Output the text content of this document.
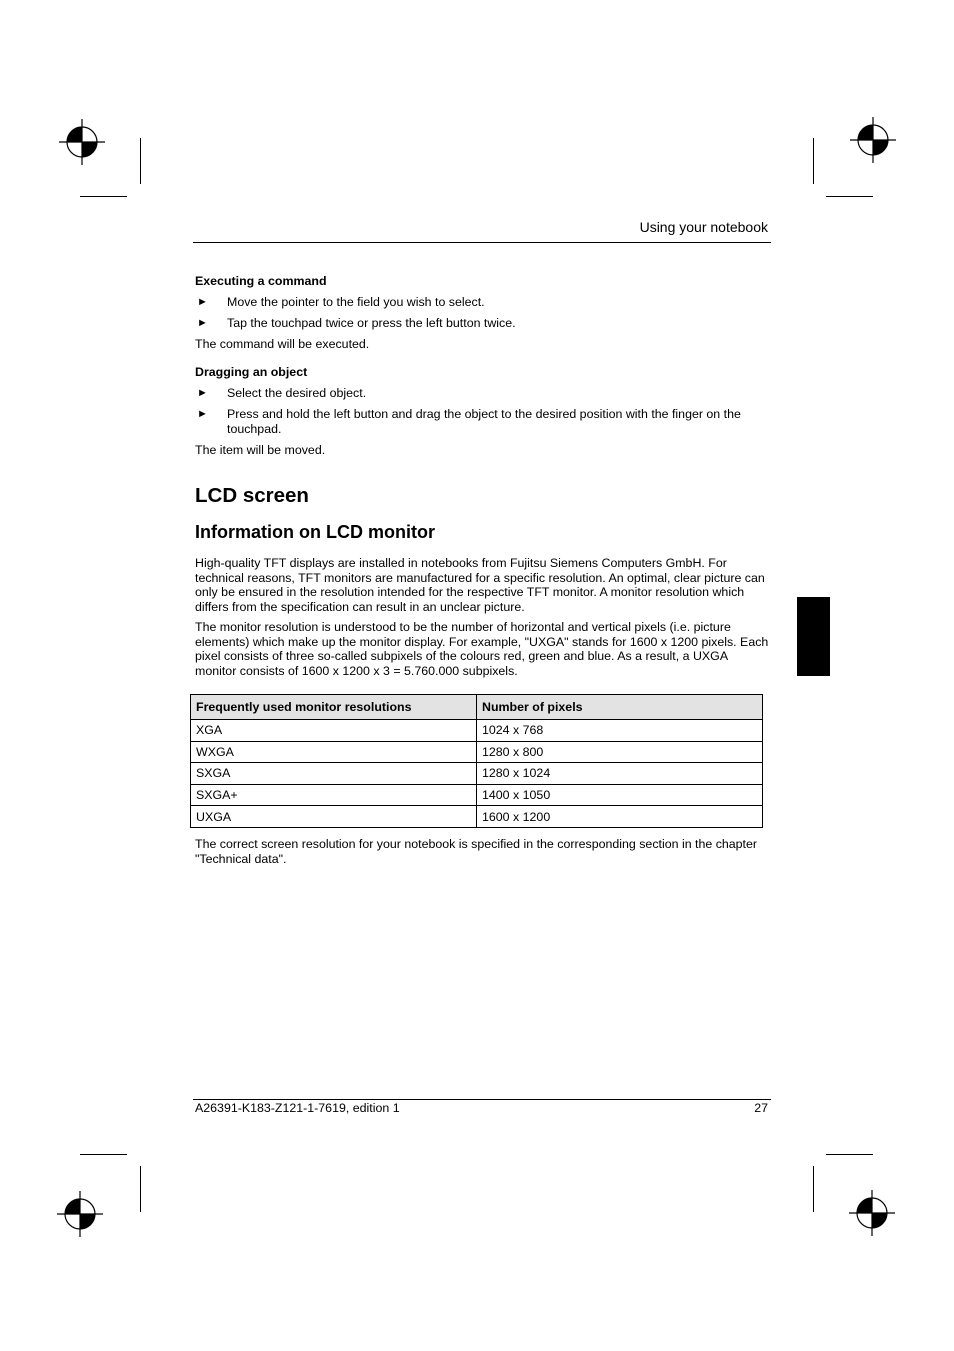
Using your notebook
Executing a command
► Move the pointer to the field you wish to select.
► Tap the touchpad twice or press the left button twice.
The command will be executed.
Dragging an object
► Select the desired object.
► Press and hold the left button and drag the object to the desired position with the finger on the touchpad.
The item will be moved.
LCD screen
Information on LCD monitor

High-quality TFT displays are installed in notebooks from Fujitsu Siemens Computers GmbH. For technical reasons, TFT monitors are manufactured for a specific resolution. An optimal, clear picture can only be ensured in the resolution intended for the respective TFT monitor. A monitor resolution which differs from the specification can result in an unclear picture.

The monitor resolution is understood to be the number of horizontal and vertical pixels (i.e. picture elements) which make up the monitor display. For example, "UXGA" stands for 1600 x 1200 pixels. Each pixel consists of three so-called subpixels of the colours red, green and blue. As a result, a UXGA monitor consists of 1600 x 1200 x 3 = 5.760.000 subpixels.

Frequently used monitor resolutions	Number of pixels
XGA	1024 x 768
WXGA	1280 x 800
SXGA	1280 x 1024
SXGA+	1400 x 1050
UXGA	1600 x 1200

The correct screen resolution for your notebook is specified in the corresponding section in the chapter "Technical data".

A26391-K183-Z121-1-7619, edition 1	27
